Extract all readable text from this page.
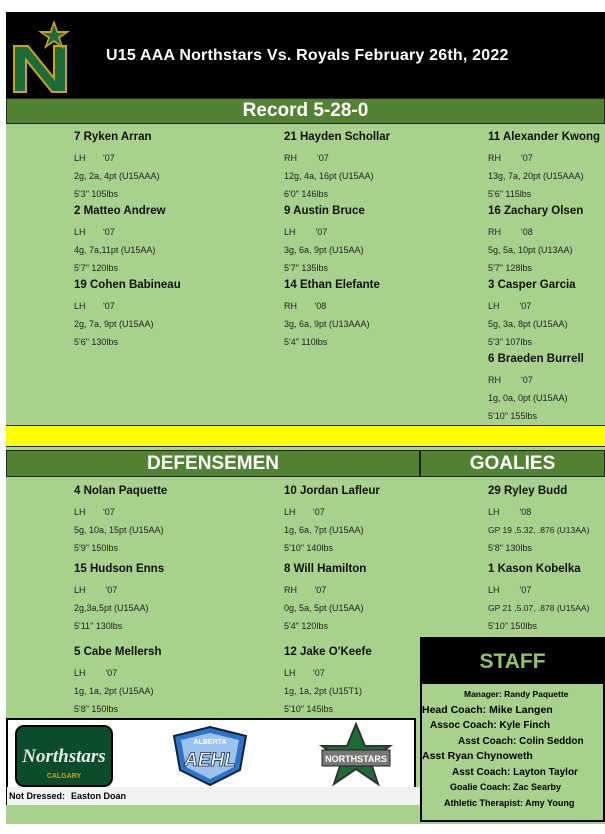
U15 AAA Northstars Vs. Royals February 26th, 2022
Record 5-28-0
7 Ryken Arran
LH '07
2g, 2a, 4pt (U15AAA)
5'3" 105lbs
21 Hayden Schollar
RH '07
12g, 4a, 16pt (U15AA)
6'0" 146lbs
11 Alexander Kwong
RH '07
13g, 7a, 20pt (U15AAA)
5'6" 115lbs
2 Matteo Andrew
LH '07
4g, 7a,11pt (U15AA)
5'7" 120lbs
9 Austin Bruce
LH '07
3g, 6a, 9pt (U15AA)
5'7" 135lbs
16 Zachary Olsen
RH '08
5g, 5a, 10pt (U13AA)
5'7" 128lbs
19 Cohen Babineau
LH '07
2g, 7a, 9pt (U15AA)
5'6" 130lbs
14 Ethan Elefante
RH '08
3g, 6a, 9pt (U13AAA)
5'4" 110lbs
3 Casper Garcia
LH '07
5g, 3a, 8pt (U15AA)
5'3" 107lbs
6 Braeden Burrell
RH '07
1g, 0a, 0pt (U15AA)
5'10" 155lbs
DEFENSEMEN	GOALIES
4 Nolan Paquette
LH '07
5g, 10a, 15pt (U15AA)
5'9" 150lbs
10 Jordan Lafleur
LH '07
1g, 6a, 7pt (U15AA)
5'10" 140lbs
15 Hudson Enns
LH '07
2g,3a,5pt (U15AA)
5'11" 130lbs
8 Will Hamilton
RH '07
0g, 5a, 5pt (U15AA)
5'4" 120lbs
5 Cabe Mellersh
LH '07
1g, 1a, 2pt (U15AA)
5'8" 150lbs
12 Jake O'Keefe
LH '07
1g, 1a, 2pt (U15T1)
5'10" 145lbs
29 Ryley Budd
LH '08
GP 19 ,5.32, .876 (U13AA)
5'8" 130lbs
1 Kason Kobelka
LH '07
GP 21 ,5.07, .878 (U15AA)
5'10" 150lbs
STAFF
Manager: Randy Paquette
Head Coach: Mike Langen
Assoc Coach: Kyle Finch
Asst Coach: Colin Seddon
Asst Ryan Chynoweth
Asst Coach: Layton Taylor
Goalie Coach: Zac Searby
Athletic Therapist: Amy Young
Northstars
CALGARY
ALBERTA
AEHL	NORTHSTARS
Not Dressed: Easton Doan
